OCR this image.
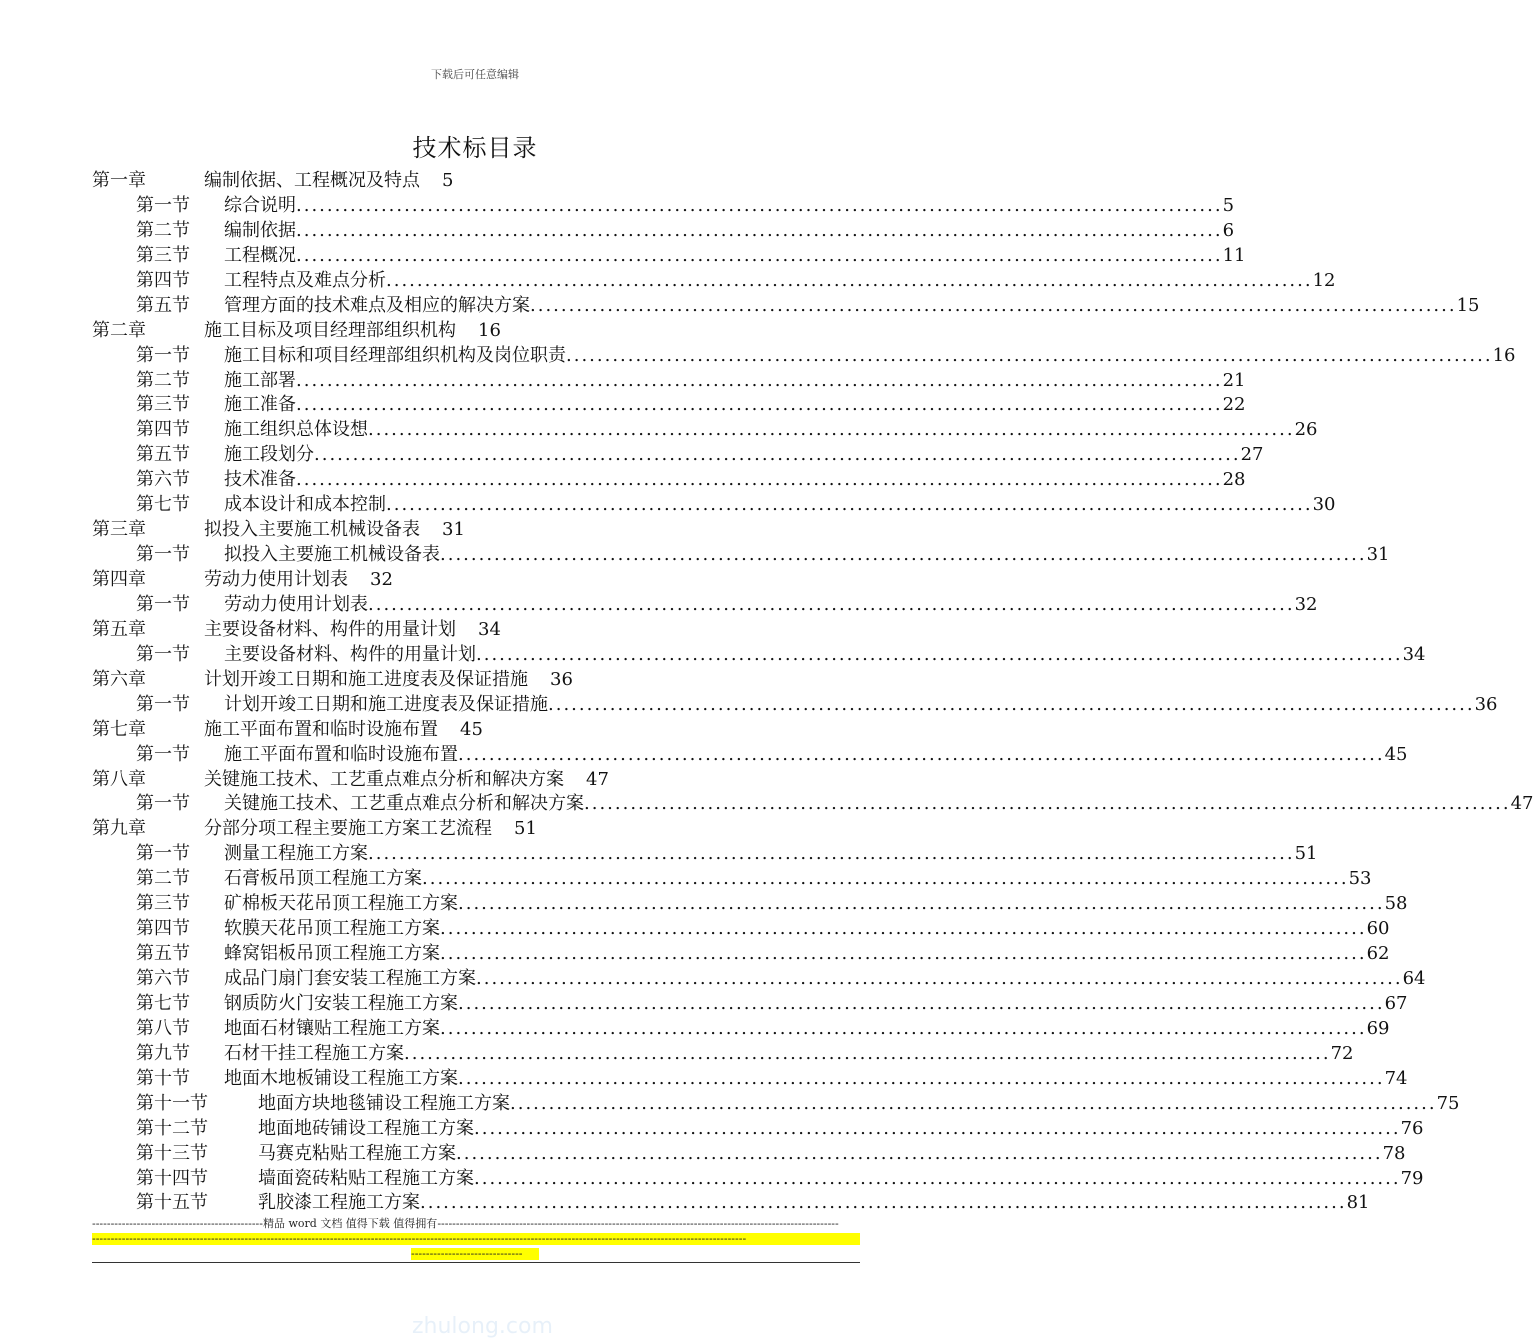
下载后可任意编辑
技术标目录
第一章	编制依据、工程概况及特点 5
第一节	综合说明 ........................................................................................................................ 5
第二节	编制依据 ........................................................................................................................ 6
第三节	工程概况 ........................................................................................................................ 11
第四节	工程特点及难点分析 ........................................................................................................................ 12
第五节	管理方面的技术难点及相应的解决方案 ........................................................................................................................ 15
第二章	施工目标及项目经理部组织机构 16
第一节	施工目标和项目经理部组织机构及岗位职责 ........................................................................................................................ 16
第二节	施工部署 ........................................................................................................................ 21
第三节	施工准备 ........................................................................................................................ 22
第四节	施工组织总体设想 ........................................................................................................................ 26
第五节	施工段划分 ........................................................................................................................ 27
第六节	技术准备 ........................................................................................................................ 28
第七节	成本设计和成本控制 ........................................................................................................................ 30
第三章	拟投入主要施工机械设备表 31
第一节	拟投入主要施工机械设备表 ........................................................................................................................ 31
第四章	劳动力使用计划表 32
第一节	劳动力使用计划表 ........................................................................................................................ 32
第五章	主要设备材料、构件的用量计划 34
第一节	主要设备材料、构件的用量计划 ........................................................................................................................ 34
第六章	计划开竣工日期和施工进度表及保证措施 36
第一节	计划开竣工日期和施工进度表及保证措施 ........................................................................................................................ 36
第七章	施工平面布置和临时设施布置 45
第一节	施工平面布置和临时设施布置 ........................................................................................................................ 45
第八章	关键施工技术、工艺重点难点分析和解决方案 47
第一节	关键施工技术、工艺重点难点分析和解决方案 ........................................................................................................................ 47
第九章	分部分项工程主要施工方案工艺流程 51
第一节	测量工程施工方案 ........................................................................................................................ 51
第二节	石膏板吊顶工程施工方案 ........................................................................................................................ 53
第三节	矿棉板天花吊顶工程施工方案 ........................................................................................................................ 58
第四节	软膜天花吊顶工程施工方案 ........................................................................................................................ 60
第五节	蜂窝铝板吊顶工程施工方案 ........................................................................................................................ 62
第六节	成品门扇门套安装工程施工方案 ........................................................................................................................ 64
第七节	钢质防火门安装工程施工方案 ........................................................................................................................ 67
第八节	地面石材镶贴工程施工方案 ........................................................................................................................ 69
第九节	石材干挂工程施工方案 ........................................................................................................................ 72
第十节	地面木地板铺设工程施工方案 ........................................................................................................................ 74
第十一节	地面方块地毯铺设工程施工方案 ........................................................................................................................ 75
第十二节	地面地砖铺设工程施工方案 ........................................................................................................................ 76
第十三节	马赛克粘贴工程施工方案 ........................................................................................................................ 78
第十四节	墙面瓷砖粘贴工程施工方案 ........................................................................................................................ 79
第十五节	乳胶漆工程施工方案 ........................................................................................................................ 81
----------------------------------------------精品 word 文档 值得下载 值得拥有------------------------------------------------------------------------------------------------------------
--------------------------------------------------------------------------------------------------------------------------------------------------------------------------------
------------------------------
zhulong.com
